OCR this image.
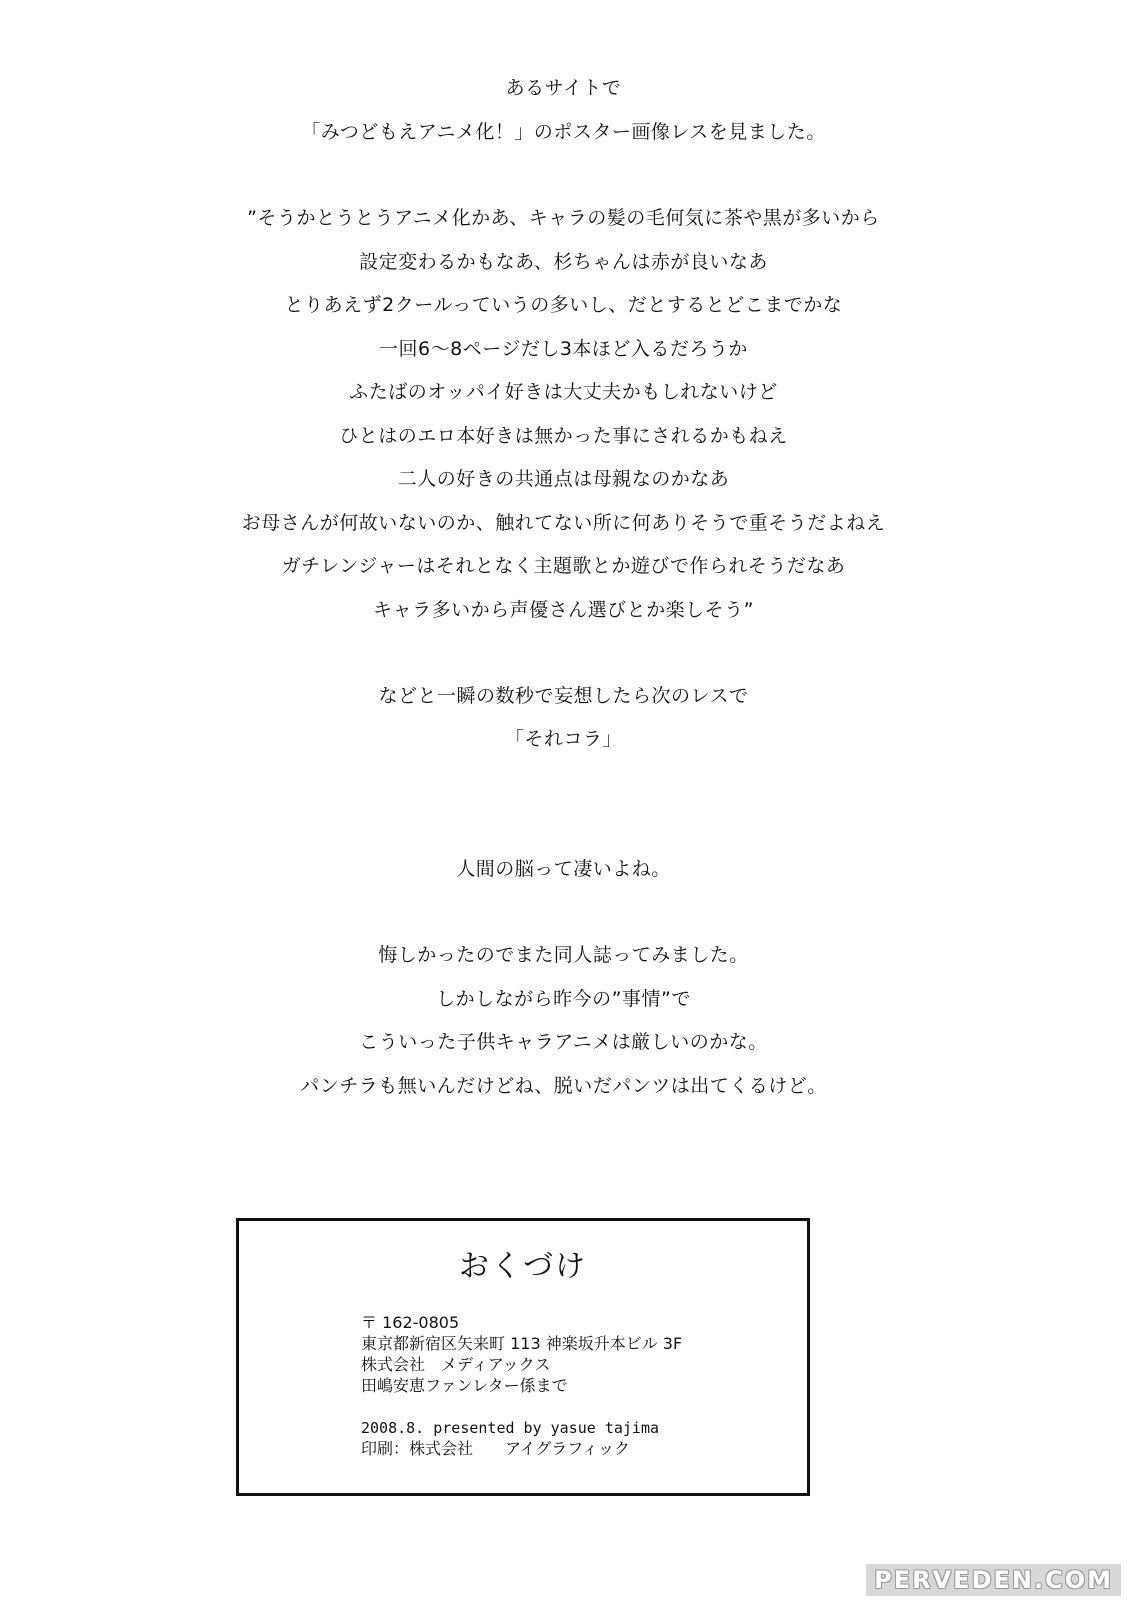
あるサイトで
「みつどもえアニメ化！」のポスター画像レスを見ました。
”そうかとうとうアニメ化かあ、キャラの髪の毛何気に茶や黒が多いから
設定変わるかもなあ、杉ちゃんは赤が良いなあ
とりあえず2クールっていうの多いし、だとするとどこまでかな
一回6～8ページだし3本ほど入るだろうか
ふたばのオッパイ好きは大丈夫かもしれないけど
ひとはのエロ本好きは無かった事にされるかもねえ
二人の好きの共通点は母親なのかなあ
お母さんが何故いないのか、触れてない所に何ありそうで重そうだよねえ
ガチレンジャーはそれとなく主題歌とか遊びで作られそうだなあ
キャラ多いから声優さん選びとか楽しそう”
などと一瞬の数秒で妄想したら次のレスで
「それコラ」
人間の脳って凄いよね。
悔しかったのでまた同人誌ってみました。
しかしながら昨今の”事情”で
こういった子供キャラアニメは厳しいのかな。
パンチラも無いんだけどね、脱いだパンツは出てくるけど。
おくづけ
〒 162-0805
東京都新宿区矢来町 113 神楽坂升本ビル 3F
株式会社　メディアックス
田嶋安恵ファンレター係まで
2008.8. presented by yasue tajima
印刷：株式会社　　アイグラフィック
PERVEDEN.COM
